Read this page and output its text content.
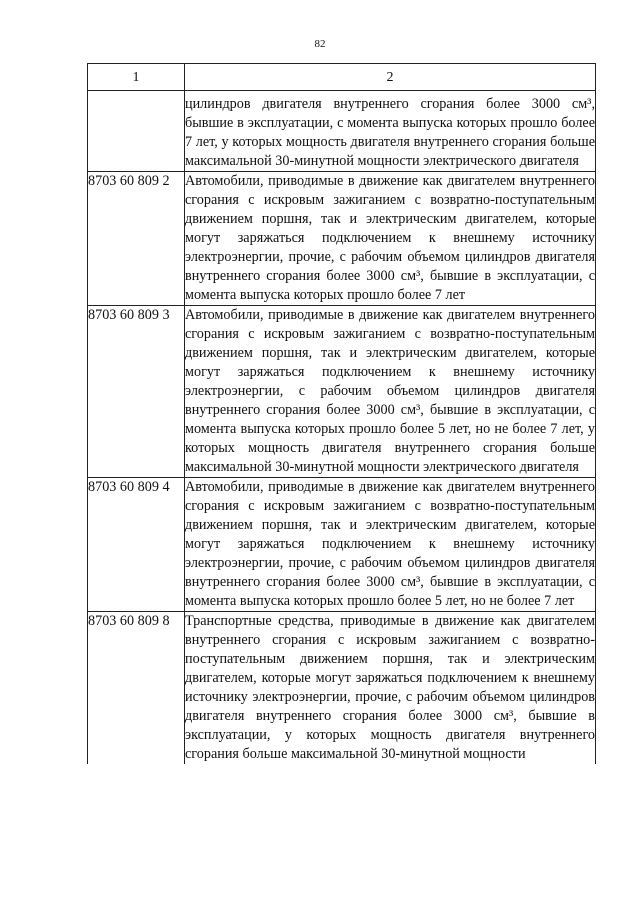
82
1	2
	цилиндров двигателя внутреннего сгорания более 3000 см³, бывшие в эксплуатации, с момента выпуска которых прошло более 7 лет, у которых мощность двигателя внутреннего сгорания больше максимальной 30-минутной мощности электрического двигателя
8703 60 809 2	Автомобили, приводимые в движение как двигателем внутреннего сгорания с искровым зажиганием с возвратно-поступательным движением поршня, так и электрическим двигателем, которые могут заряжаться подключением к внешнему источнику электроэнергии, прочие, с рабочим объемом цилиндров двигателя внутреннего сгорания более 3000 см³, бывшие в эксплуатации, с момента выпуска которых прошло более 7 лет
8703 60 809 3	Автомобили, приводимые в движение как двигателем внутреннего сгорания с искровым зажиганием с возвратно-поступательным движением поршня, так и электрическим двигателем, которые могут заряжаться подключением к внешнему источнику электроэнергии, с рабочим объемом цилиндров двигателя внутреннего сгорания более 3000 см³, бывшие в эксплуатации, с момента выпуска которых прошло более 5 лет, но не более 7 лет, у которых мощность двигателя внутреннего сгорания больше максимальной 30-минутной мощности электрического двигателя
8703 60 809 4	Автомобили, приводимые в движение как двигателем внутреннего сгорания с искровым зажиганием с возвратно-поступательным движением поршня, так и электрическим двигателем, которые могут заряжаться подключением к внешнему источнику электроэнергии, прочие, с рабочим объемом цилиндров двигателя внутреннего сгорания более 3000 см³, бывшие в эксплуатации, с момента выпуска которых прошло более 5 лет, но не более 7 лет
8703 60 809 8	Транспортные средства, приводимые в движение как двигателем внутреннего сгорания с искровым зажиганием с возвратно-поступательным движением поршня, так и электрическим двигателем, которые могут заряжаться подключением к внешнему источнику электроэнергии, прочие, с рабочим объемом цилиндров двигателя внутреннего сгорания более 3000 см³, бывшие в эксплуатации, у которых мощность двигателя внутреннего сгорания больше максимальной 30-минутной мощности
